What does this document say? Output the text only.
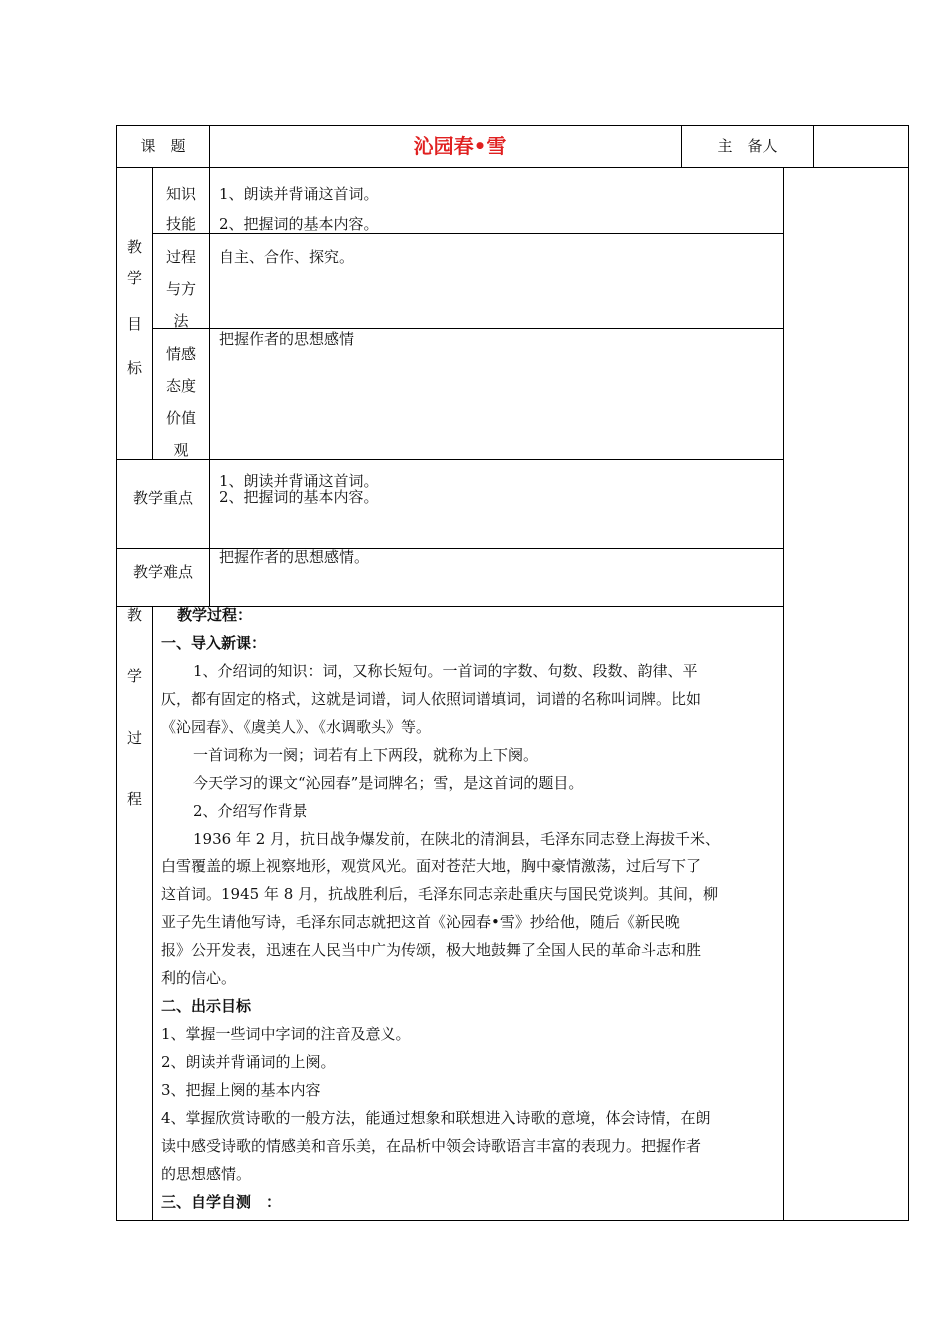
课　题	沁园春•雪	主　备人
教
学
目
标
知识
技能
1、朗读并背诵这首词。
2、把握词的基本内容。
过程
与方
法
自主、合作、探究。
情感
态度
价值
观
把握作者的思想感情
教学重点
1、朗读并背诵这首词。
2、把握词的基本内容。
教学难点
把握作者的思想感情。
教
学
过
程
教学过程：
一、导入新课：
1、介绍词的知识：词，又称长短句。一首词的字数、句数、段数、韵律、平
仄，都有固定的格式，这就是词谱，词人依照词谱填词，词谱的名称叫词牌。比如
《沁园春》、《虞美人》、《水调歌头》等。
一首词称为一阕；词若有上下两段，就称为上下阕。
今天学习的课文“沁园春”是词牌名；雪，是这首词的题目。
2、介绍写作背景
1936 年 2 月，抗日战争爆发前，在陕北的清涧县，毛泽东同志登上海拔千米、
白雪覆盖的塬上视察地形，观赏风光。面对苍茫大地，胸中豪情激荡，过后写下了
这首词。1945 年 8 月，抗战胜利后，毛泽东同志亲赴重庆与国民党谈判。其间，柳
亚子先生请他写诗，毛泽东同志就把这首《沁园春•雪》抄给他，随后《新民晚
报》公开发表，迅速在人民当中广为传颂，极大地鼓舞了全国人民的革命斗志和胜
利的信心。
二、出示目标
1、掌握一些词中字词的注音及意义。
2、朗读并背诵词的上阕。
3、把握上阕的基本内容
4、掌握欣赏诗歌的一般方法，能通过想象和联想进入诗歌的意境，体会诗情，在朗
读中感受诗歌的情感美和音乐美，在品析中领会诗歌语言丰富的表现力。把握作者
的思想感情。
三、自学自测　：
